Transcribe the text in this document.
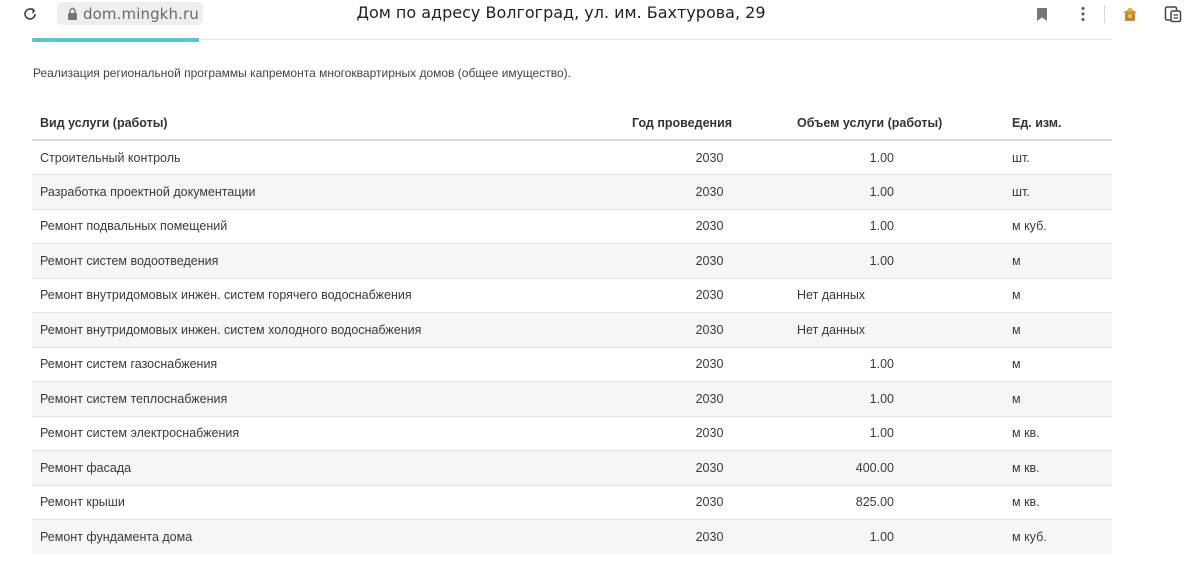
dom.mingkh.ru	Дом по адресу Волгоград, ул. им. Бахтурова, 29
Реализация региональной программы капремонта многоквартирных домов (общее имущество).
Вид услуги (работы)	Год проведения	Объем услуги (работы)	Ед. изм.
Строительный контроль	2030	1.00	шт.
Разработка проектной документации	2030	1.00	шт.
Ремонт подвальных помещений	2030	1.00	м куб.
Ремонт систем водоотведения	2030	1.00	м
Ремонт внутридомовых инжен. систем горячего водоснабжения	2030	Нет данных	м
Ремонт внутридомовых инжен. систем холодного водоснабжения	2030	Нет данных	м
Ремонт систем газоснабжения	2030	1.00	м
Ремонт систем теплоснабжения	2030	1.00	м
Ремонт систем электроснабжения	2030	1.00	м кв.
Ремонт фасада	2030	400.00	м кв.
Ремонт крыши	2030	825.00	м кв.
Ремонт фундамента дома	2030	1.00	м куб.
